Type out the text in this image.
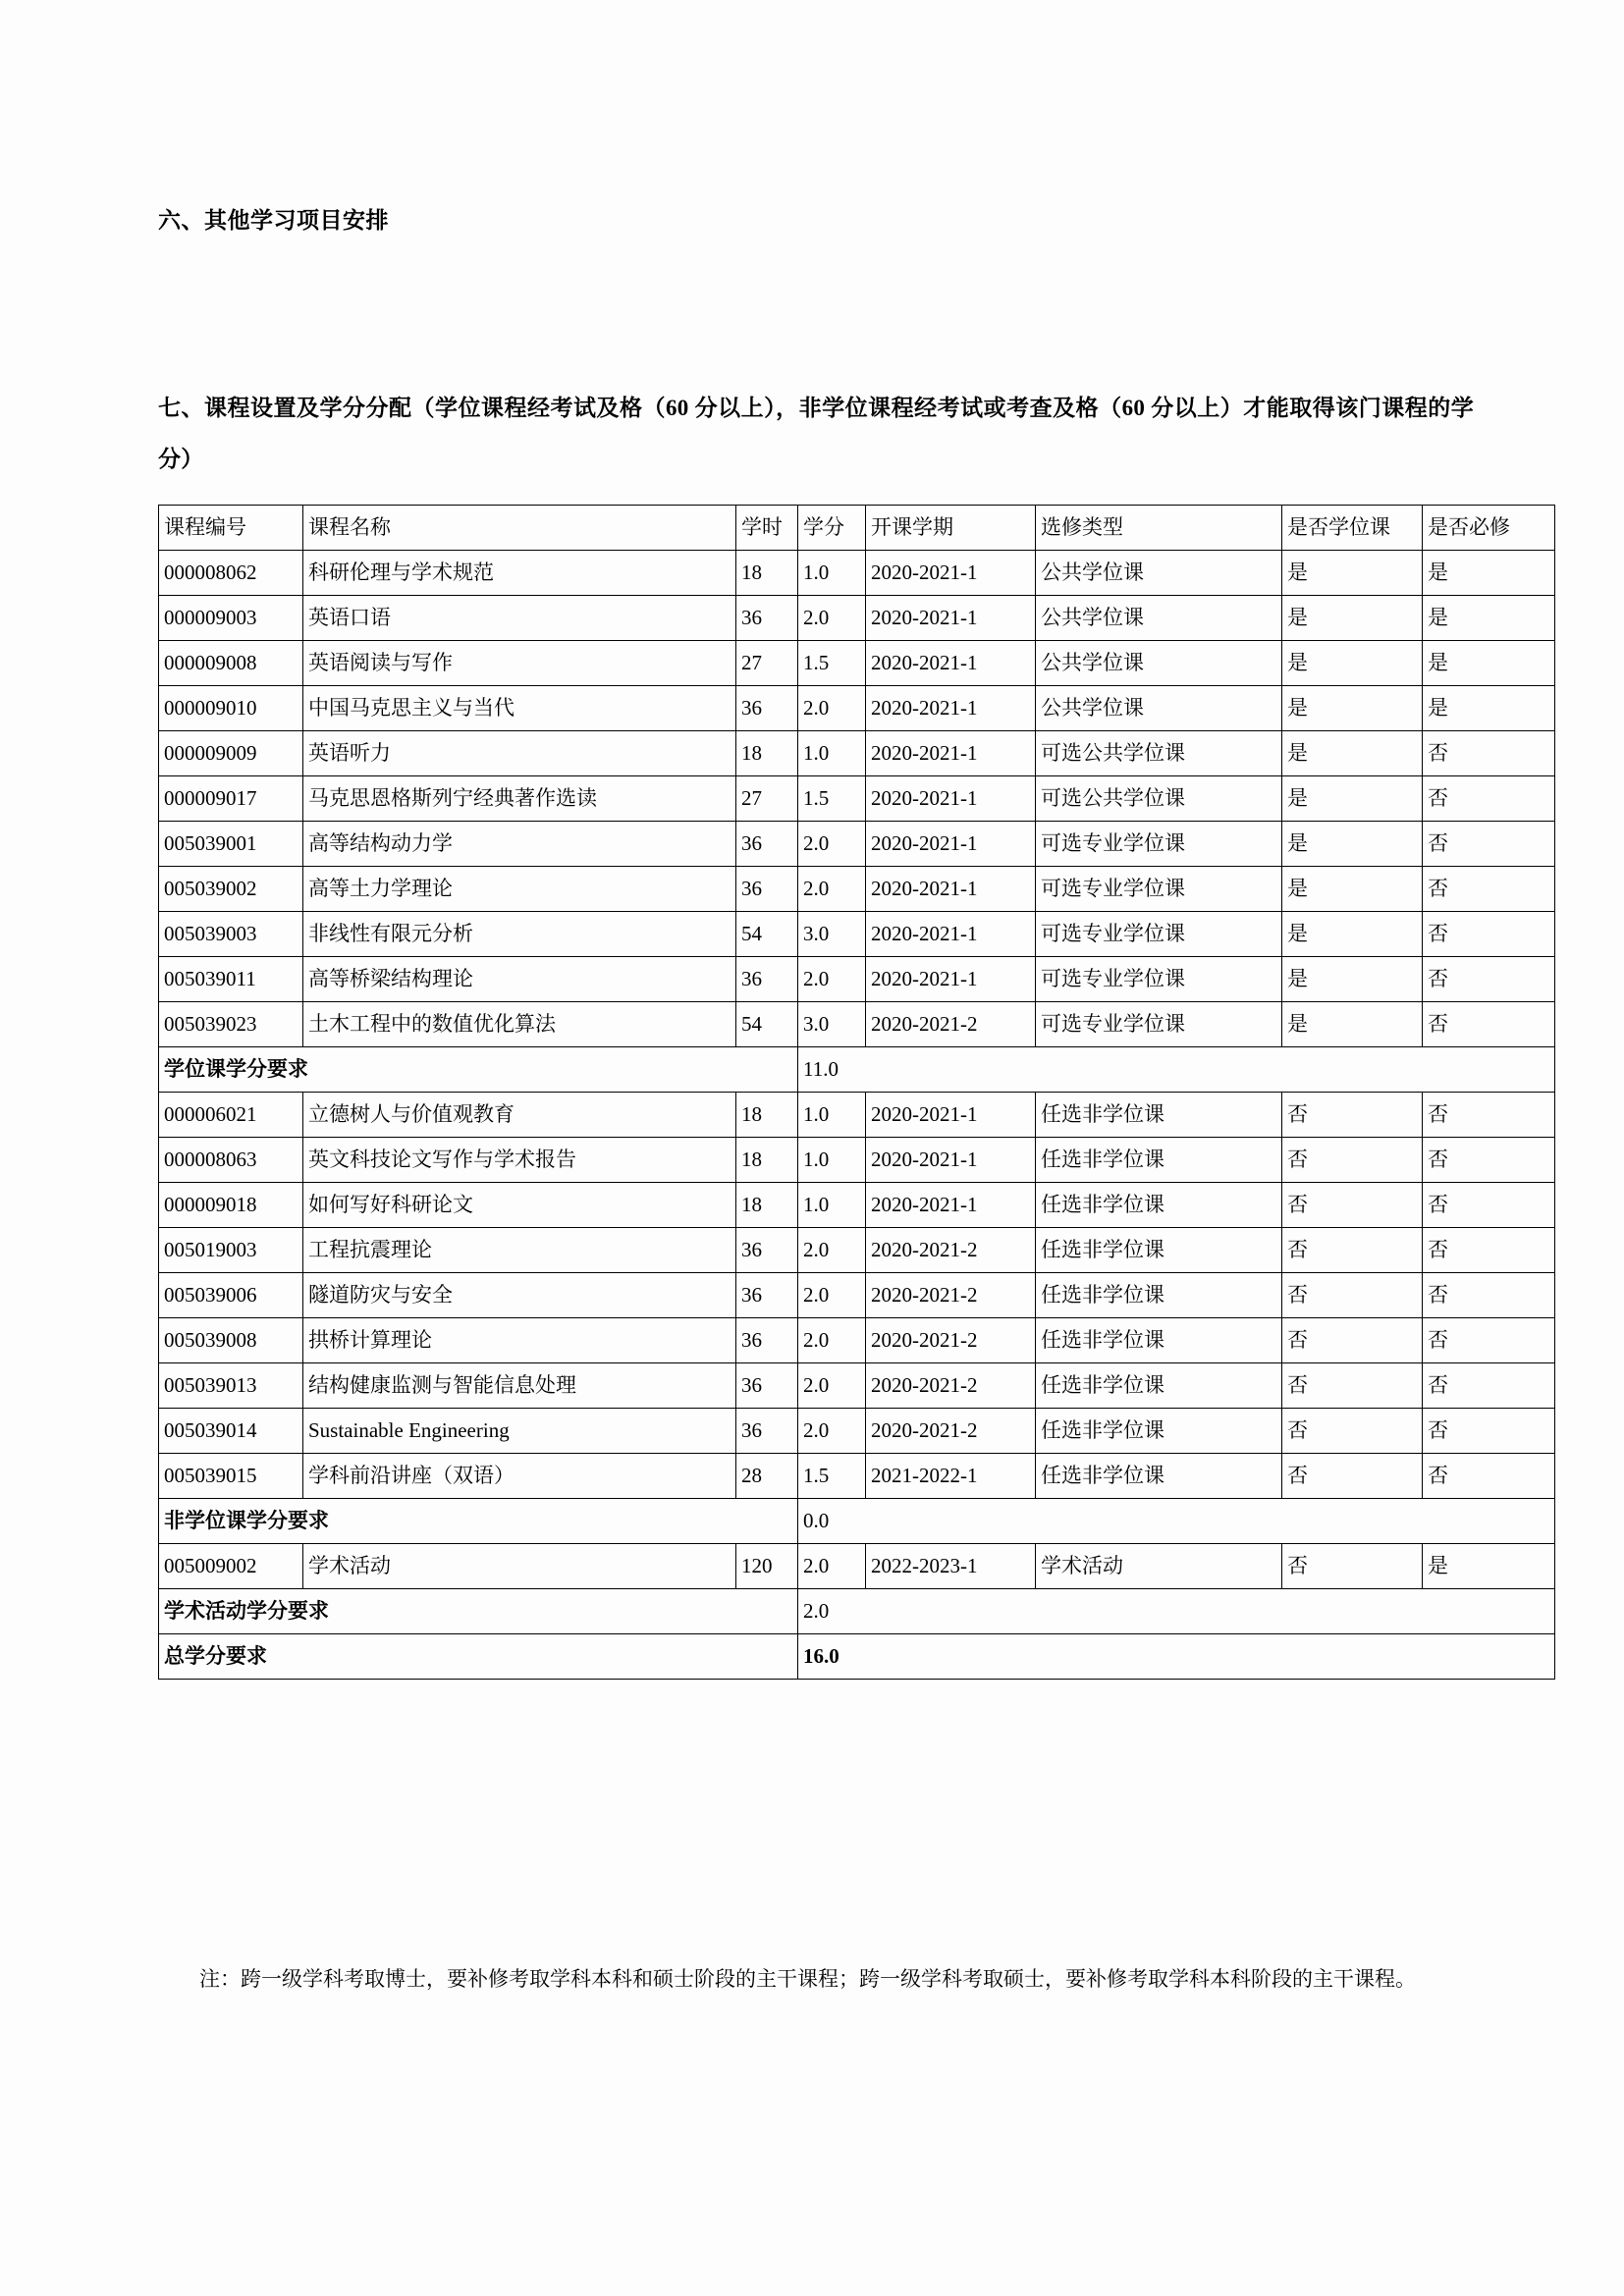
六、其他学习项目安排
七、课程设置及学分分配（学位课程经考试及格（60 分以上），非学位课程经考试或考查及格（60 分以上）才能取得该门课程的学分）
课程编号	课程名称	学时	学分	开课学期	选修类型	是否学位课	是否必修
000008062	科研伦理与学术规范	18	1.0	2020-2021-1	公共学位课	是	是
000009003	英语口语	36	2.0	2020-2021-1	公共学位课	是	是
000009008	英语阅读与写作	27	1.5	2020-2021-1	公共学位课	是	是
000009010	中国马克思主义与当代	36	2.0	2020-2021-1	公共学位课	是	是
000009009	英语听力	18	1.0	2020-2021-1	可选公共学位课	是	否
000009017	马克思恩格斯列宁经典著作选读	27	1.5	2020-2021-1	可选公共学位课	是	否
005039001	高等结构动力学	36	2.0	2020-2021-1	可选专业学位课	是	否
005039002	高等土力学理论	36	2.0	2020-2021-1	可选专业学位课	是	否
005039003	非线性有限元分析	54	3.0	2020-2021-1	可选专业学位课	是	否
005039011	高等桥梁结构理论	36	2.0	2020-2021-1	可选专业学位课	是	否
005039023	土木工程中的数值优化算法	54	3.0	2020-2021-2	可选专业学位课	是	否
学位课学分要求			11.0				
000006021	立德树人与价值观教育	18	1.0	2020-2021-1	任选非学位课	否	否
000008063	英文科技论文写作与学术报告	18	1.0	2020-2021-1	任选非学位课	否	否
000009018	如何写好科研论文	18	1.0	2020-2021-1	任选非学位课	否	否
005019003	工程抗震理论	36	2.0	2020-2021-2	任选非学位课	否	否
005039006	隧道防灾与安全	36	2.0	2020-2021-2	任选非学位课	否	否
005039008	拱桥计算理论	36	2.0	2020-2021-2	任选非学位课	否	否
005039013	结构健康监测与智能信息处理	36	2.0	2020-2021-2	任选非学位课	否	否
005039014	Sustainable Engineering	36	2.0	2020-2021-2	任选非学位课	否	否
005039015	学科前沿讲座（双语）	28	1.5	2021-2022-1	任选非学位课	否	否
非学位课学分要求			0.0				
005009002	学术活动	120	2.0	2022-2023-1	学术活动	否	是
学术活动学分要求			2.0				
总学分要求			16.0				
注：跨一级学科考取博士，要补修考取学科本科和硕士阶段的主干课程；跨一级学科考取硕士，要补修考取学科本科阶段的主干课程。
